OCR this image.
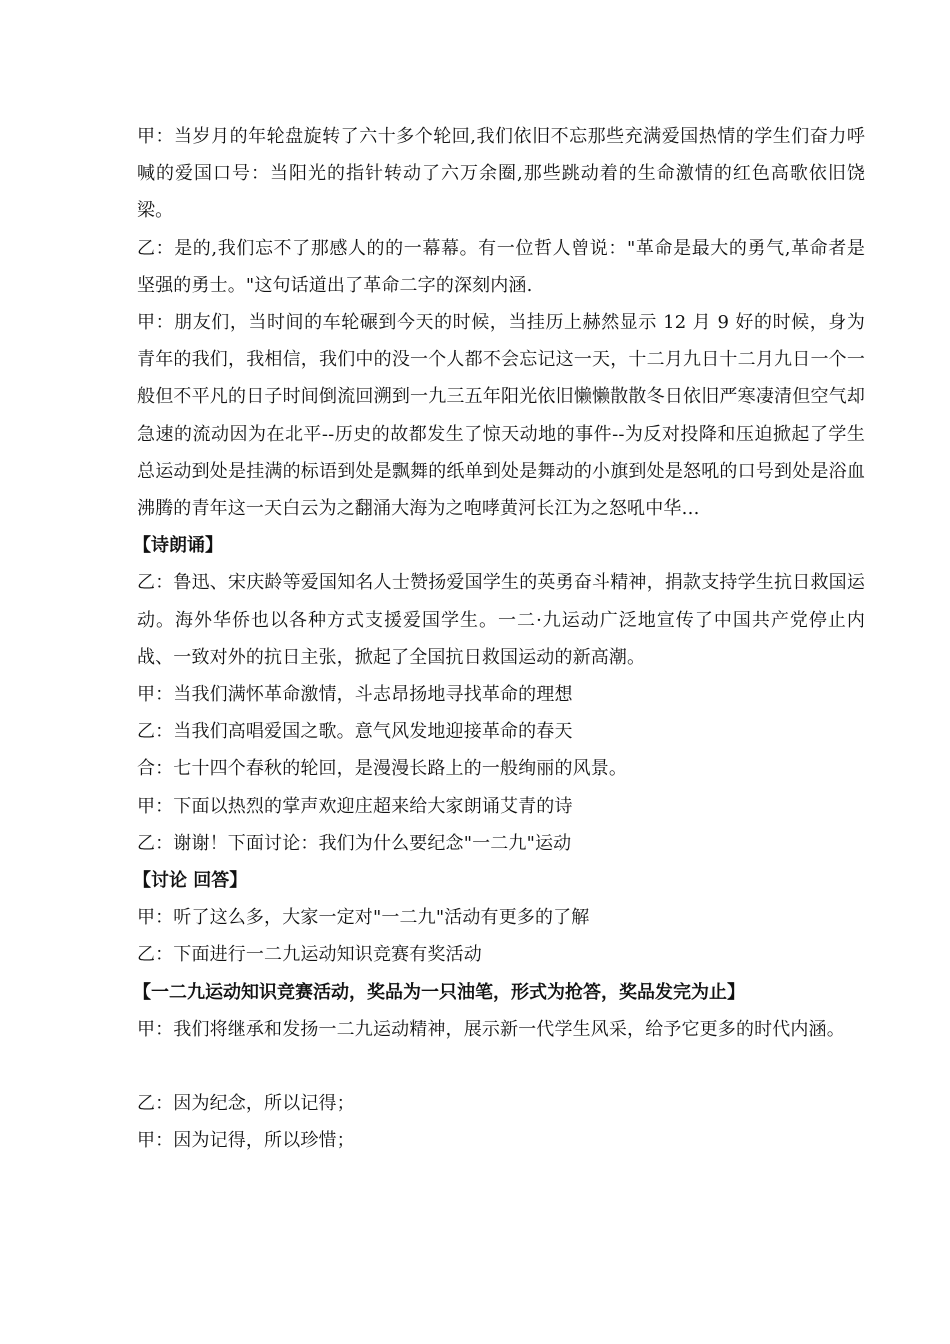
甲：当岁月的年轮盘旋转了六十多个轮回,我们依旧不忘那些充满爱国热情的学生们奋力呼喊的爱国口号：当阳光的指针转动了六万余圈,那些跳动着的生命激情的红色高歌依旧饶梁。

乙：是的,我们忘不了那感人的的一幕幕。有一位哲人曾说："革命是最大的勇气,革命者是坚强的勇士。"这句话道出了革命二字的深刻内涵.

甲：朋友们，当时间的车轮碾到今天的时候，当挂历上赫然显示 12 月 9 好的时候，身为青年的我们，我相信，我们中的没一个人都不会忘记这一天，十二月九日十二月九日一个一般但不平凡的日子时间倒流回溯到一九三五年阳光依旧懒懒散散冬日依旧严寒凄清但空气却急速的流动因为在北平--历史的故都发生了惊天动地的事件--为反对投降和压迫掀起了学生总运动到处是挂满的标语到处是飘舞的纸单到处是舞动的小旗到处是怒吼的口号到处是浴血沸腾的青年这一天白云为之翻涌大海为之咆哮黄河长江为之怒吼中华…

【诗朗诵】

乙：鲁迅、宋庆龄等爱国知名人士赞扬爱国学生的英勇奋斗精神，捐款支持学生抗日救国运动。海外华侨也以各种方式支援爱国学生。一二·九运动广泛地宣传了中国共产党停止内战、一致对外的抗日主张，掀起了全国抗日救国运动的新高潮。

甲：当我们满怀革命激情，斗志昂扬地寻找革命的理想

乙：当我们高唱爱国之歌。意气风发地迎接革命的春天

合：七十四个春秋的轮回，是漫漫长路上的一般绚丽的风景。

甲：下面以热烈的掌声欢迎庄超来给大家朗诵艾青的诗

乙：谢谢！下面讨论：我们为什么要纪念"一二九"运动

【讨论 回答】

甲：听了这么多，大家一定对"一二九"活动有更多的了解

乙：下面进行一二九运动知识竞赛有奖活动

【一二九运动知识竞赛活动，奖品为一只油笔，形式为抢答，奖品发完为止】

甲：我们将继承和发扬一二九运动精神，展示新一代学生风采，给予它更多的时代内涵。

乙：因为纪念，所以记得；

甲：因为记得，所以珍惜；
